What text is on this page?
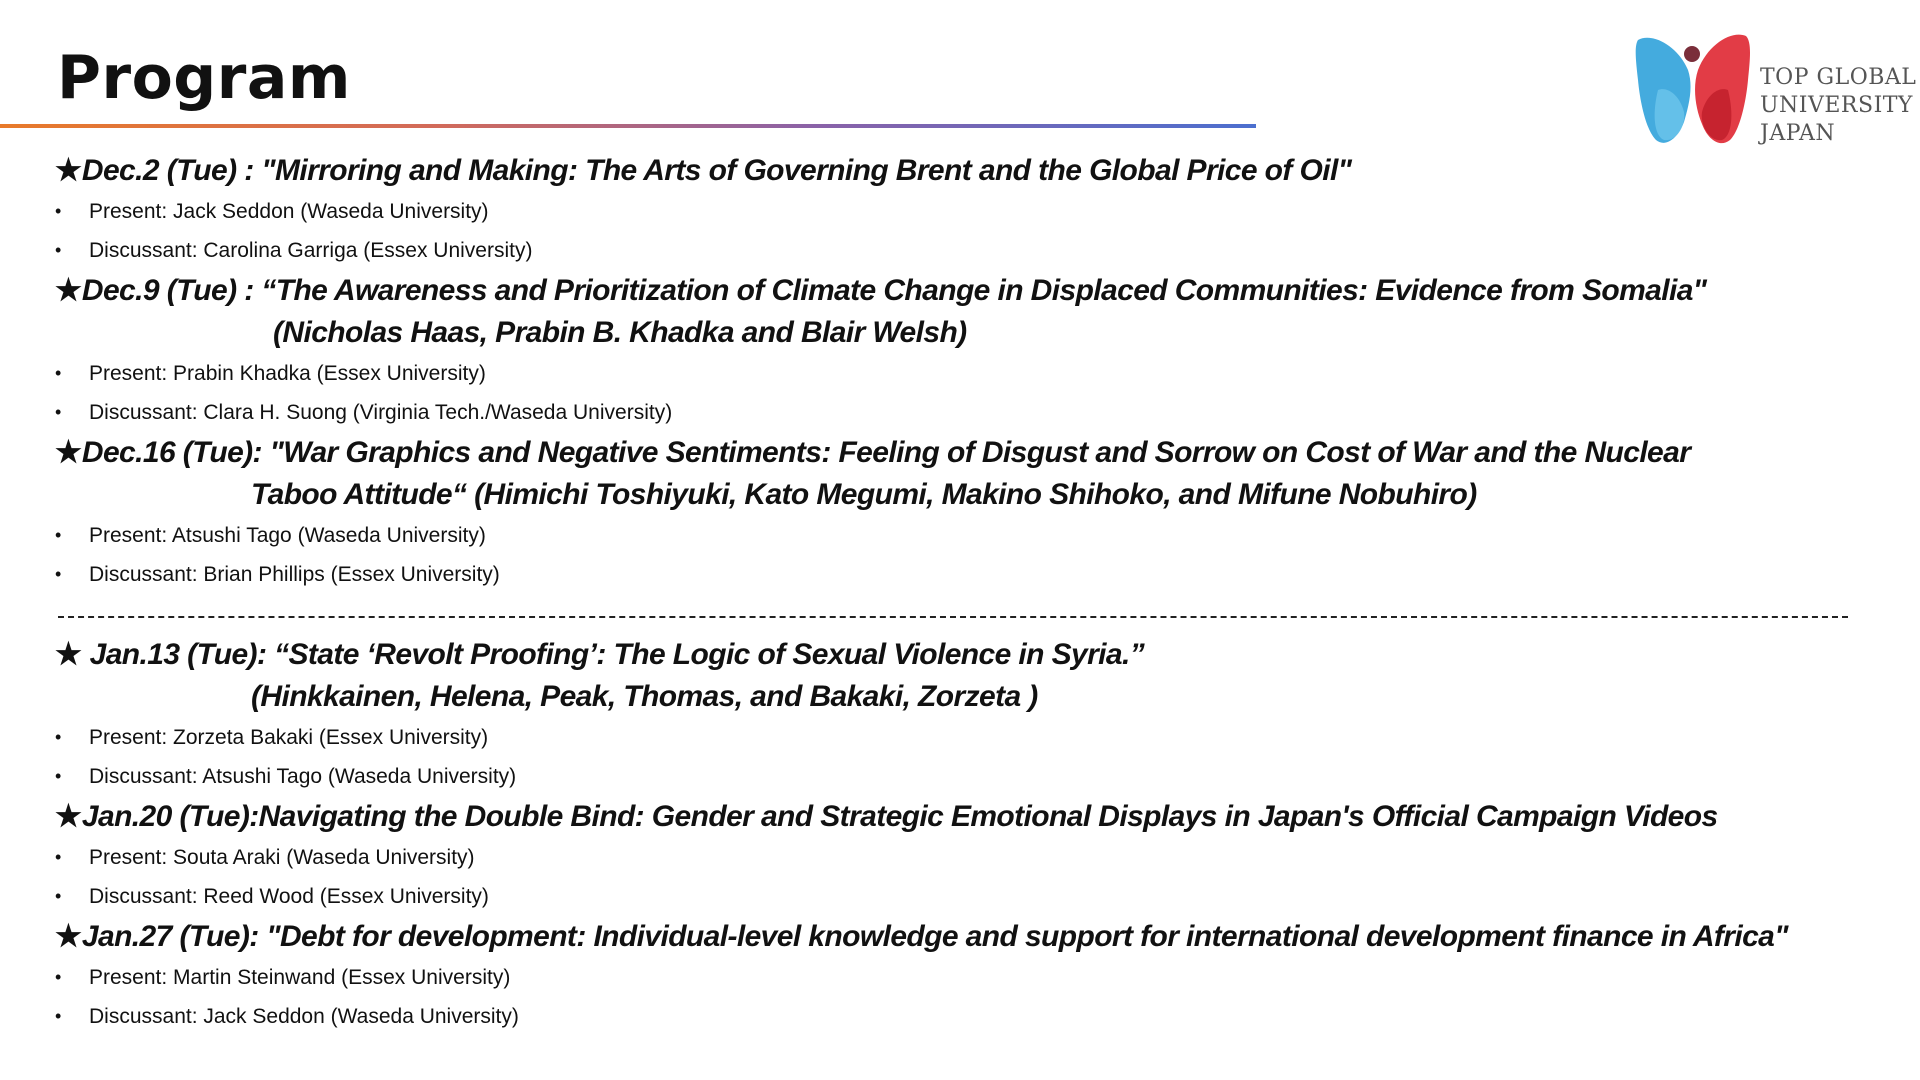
Program	TOP GLOBAL
UNIVERSITY
JAPAN
★Dec.2 (Tue) : "Mirroring and Making: The Arts of Governing Brent and the Global Price of Oil"
• Present: Jack Seddon (Waseda University)
• Discussant: Carolina Garriga (Essex University)
★Dec.9 (Tue) : “The Awareness and Prioritization of Climate Change in Displaced Communities: Evidence from Somalia"
(Nicholas Haas, Prabin B. Khadka and Blair Welsh)
• Present: Prabin Khadka (Essex University)
• Discussant: Clara H. Suong (Virginia Tech./Waseda University)
★Dec.16 (Tue): "War Graphics and Negative Sentiments: Feeling of Disgust and Sorrow on Cost of War and the Nuclear
Taboo Attitude“ (Himichi Toshiyuki, Kato Megumi, Makino Shihoko, and Mifune Nobuhiro)
• Present: Atsushi Tago (Waseda University)
• Discussant: Brian Phillips (Essex University)
★ Jan.13 (Tue): “State ‘Revolt Proofing’: The Logic of Sexual Violence in Syria.”
(Hinkkainen, Helena, Peak, Thomas, and Bakaki, Zorzeta )
• Present: Zorzeta Bakaki (Essex University)
• Discussant: Atsushi Tago (Waseda University)
★Jan.20 (Tue):Navigating the Double Bind: Gender and Strategic Emotional Displays in Japan's Official Campaign Videos
• Present: Souta Araki (Waseda University)
• Discussant: Reed Wood (Essex University)
★Jan.27 (Tue): "Debt for development: Individual-level knowledge and support for international development finance in Africa"
• Present: Martin Steinwand (Essex University)
• Discussant: Jack Seddon (Waseda University)
